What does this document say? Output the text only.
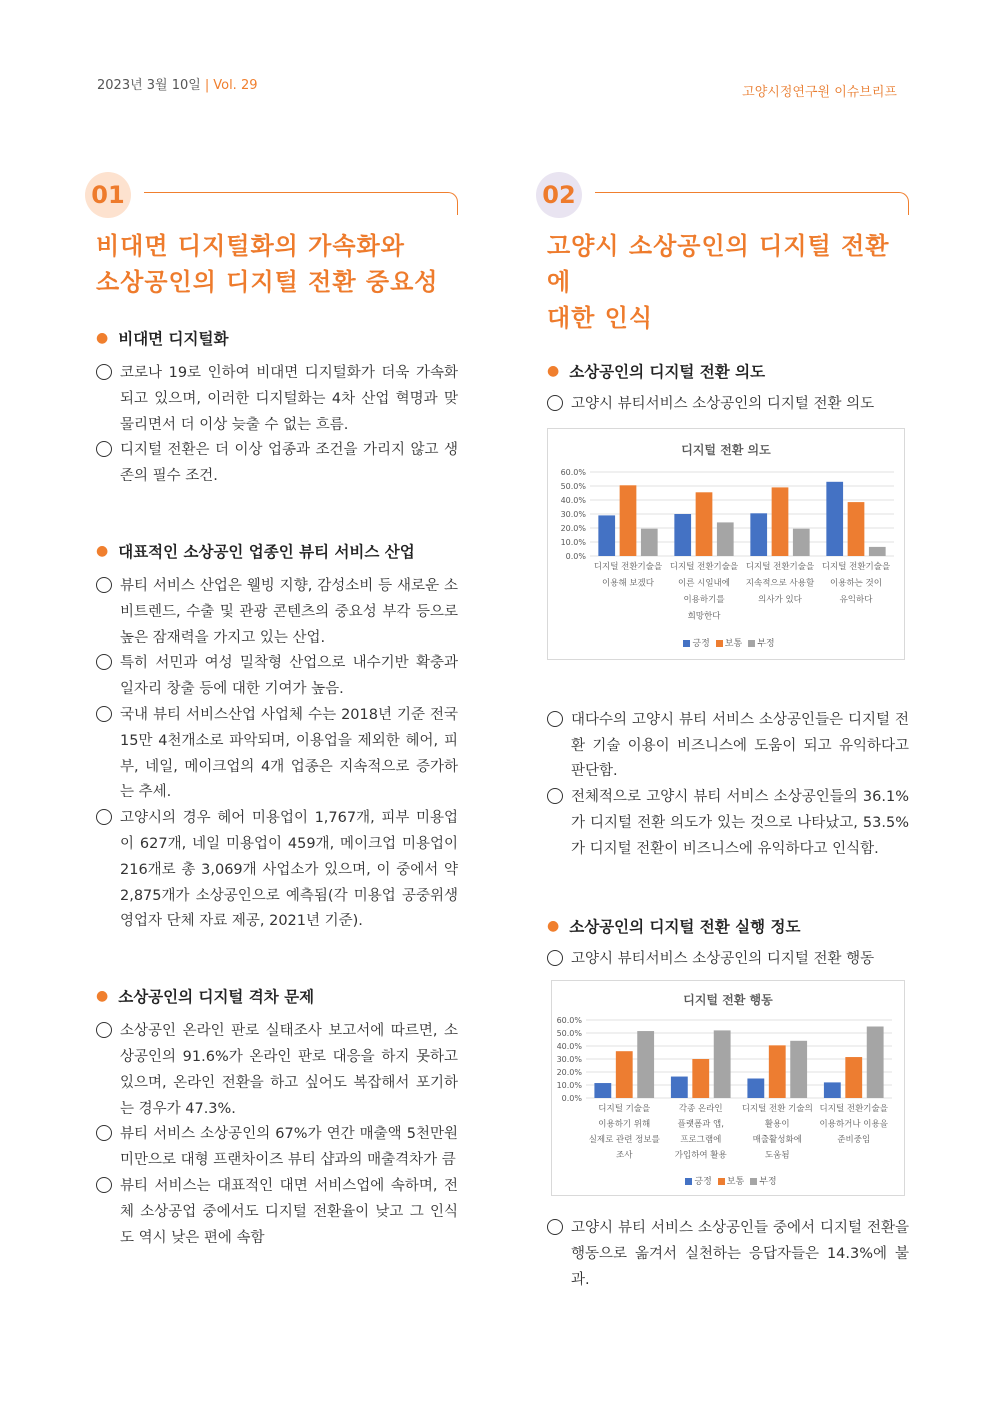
2023년 3월 10일 | Vol. 29	고양시정연구원 이슈브리프
01
비대면 디지털화의 가속화와
소상공인의 디지털 전환 중요성
● 비대면 디지털화
코로나 19로 인하여 비대면 디지털화가 더욱 가속화되고 있으며, 이러한 디지털화는 4차 산업 혁명과 맞물리면서 더 이상 늦출 수 없는 흐름.
디지털 전환은 더 이상 업종과 조건을 가리지 않고 생존의 필수 조건.
● 대표적인 소상공인 업종인 뷰티 서비스 산업
뷰티 서비스 산업은 웰빙 지향, 감성소비 등 새로운 소비트렌드, 수출 및 관광 콘텐츠의 중요성 부각 등으로 높은 잠재력을 가지고 있는 산업.
특히 서민과 여성 밀착형 산업으로 내수기반 확충과 일자리 창출 등에 대한 기여가 높음.
국내 뷰티 서비스산업 사업체 수는 2018년 기준 전국 15만 4천개소로 파악되며, 이용업을 제외한 헤어, 피부, 네일, 메이크업의 4개 업종은 지속적으로 증가하는 추세.
고양시의 경우 헤어 미용업이 1,767개, 피부 미용업이 627개, 네일 미용업이 459개, 메이크업 미용업이 216개로 총 3,069개 사업소가 있으며, 이 중에서 약 2,875개가 소상공인으로 예측됨(각 미용업 공중위생 영업자 단체 자료 제공, 2021년 기준).
● 소상공인의 디지털 격차 문제
소상공인 온라인 판로 실태조사 보고서에 따르면, 소상공인의 91.6%가 온라인 판로 대응을 하지 못하고 있으며, 온라인 전환을 하고 싶어도 복잡해서 포기하는 경우가 47.3%.
뷰티 서비스 소상공인의 67%가 연간 매출액 5천만원 미만으로 대형 프랜차이즈 뷰티 샵과의 매출격차가 큼
뷰티 서비스는 대표적인 대면 서비스업에 속하며, 전체 소상공업 중에서도 디지털 전환율이 낮고 그 인식도 역시 낮은 편에 속함
02
고양시 소상공인의 디지털 전환에
대한 인식
● 소상공인의 디지털 전환 의도
고양시 뷰티서비스 소상공인의 디지털 전환 의도
디지털 전환 의도
0.0%
10.0%
20.0%
30.0%
40.0%
50.0%
60.0%
디지털 전환기술을
이용해 보겠다
디지털 전환기술을
이른 시일내에
이용하기를
희망한다
디지털 전환기술을
지속적으로 사용할
의사가 있다
디지털 전환기술을
이용하는 것이
유익하다
긍정 보통 부정
대다수의 고양시 뷰티 서비스 소상공인들은 디지털 전환 기술 이용이 비즈니스에 도움이 되고 유익하다고 판단함.
전체적으로 고양시 뷰티 서비스 소상공인들의 36.1%가 디지털 전환 의도가 있는 것으로 나타났고, 53.5%가 디지털 전환이 비즈니스에 유익하다고 인식함.
● 소상공인의 디지털 전환 실행 정도
고양시 뷰티서비스 소상공인의 디지털 전환 행동
디지털 전환 행동
0.0%
10.0%
20.0%
30.0%
40.0%
50.0%
60.0%
디지털 기술을
이용하기 위해
실제로 관련 정보를
조사
각종 온라인
플랫폼과 앱,
프로그램에
가입하여 활용
디지털 전환 기술의
활용이
매출활성화에
도움됨
디지털 전환기술을
이용하거나 이용을
준비중임
긍정 보통 부정
고양시 뷰티 서비스 소상공인들 중에서 디지털 전환을 행동으로 옮겨서 실천하는 응답자들은 14.3%에 불과.
